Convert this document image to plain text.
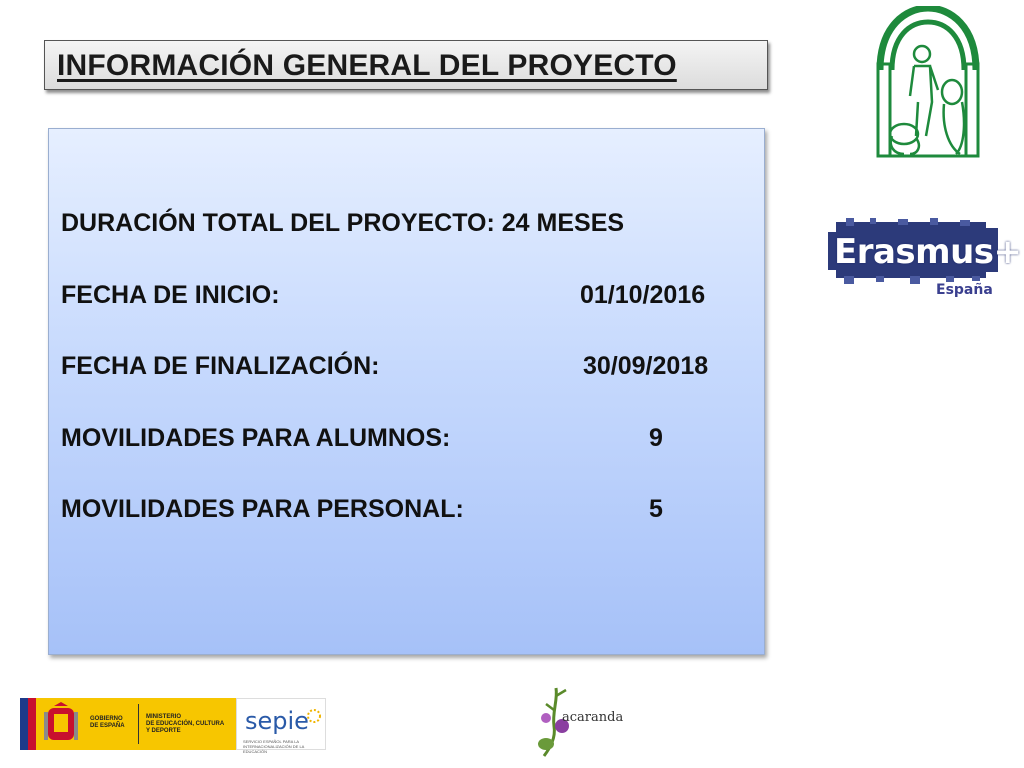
INFORMACIÓN GENERAL DEL PROYECTO
DURACIÓN TOTAL DEL PROYECTO: 24 MESES
FECHA DE INICIO:	01/10/2016
FECHA DE FINALIZACIÓN:	30/09/2018
MOVILIDADES PARA ALUMNOS:	9
MOVILIDADES PARA PERSONAL:	5
Erasmus+
España
GOBIERNO
DE ESPAÑA
MINISTERIO
DE EDUCACIÓN, CULTURA
Y DEPORTE	sepie
SERVICIO ESPAÑOL PARA LA INTERNACIONALIZACIÓN DE LA EDUCACIÓN
acaranda
